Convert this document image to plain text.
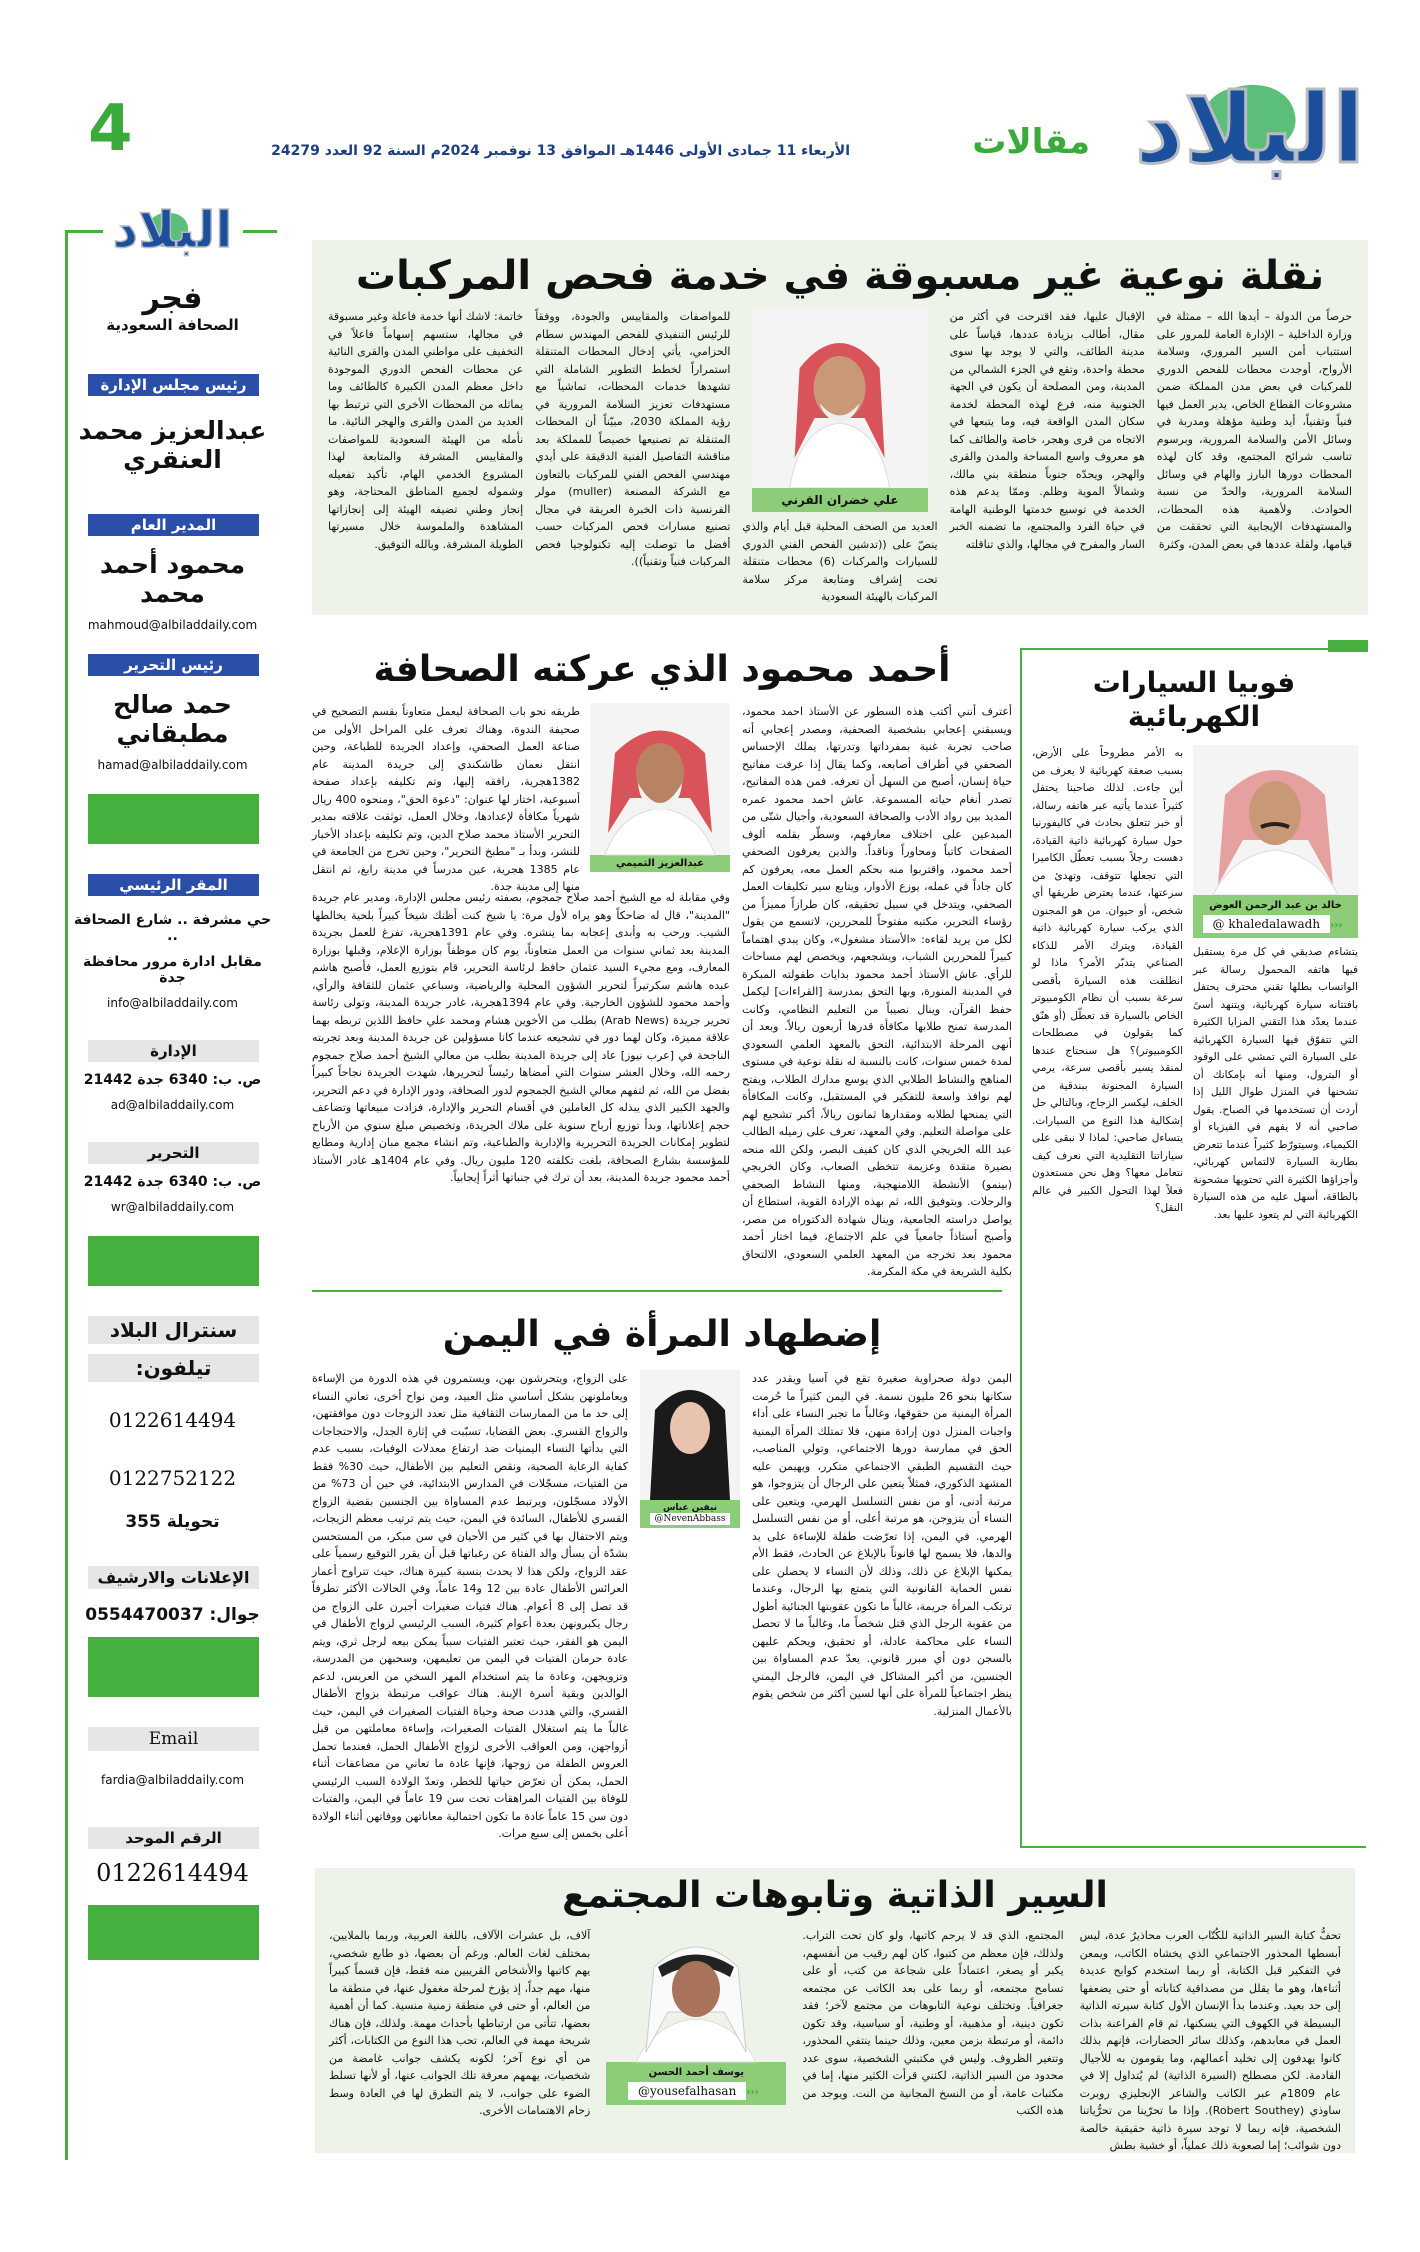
البلاد
مقالات
الأربعاء 11 جمادى الأولى 1446هـ الموافق 13 نوفمبر 2024م السنة 92 العدد 24279
4
البلاد
فجر
الصحافة السعودية
رئيس مجلس الإدارة
عبدالعزيز محمد العنقري
المدير العام
محمود أحمد محمد
mahmoud@albiladdaily.com
رئيس التحرير
حمد صالح مطبقاني
hamad@albiladdaily.com
المقر الرئيسي
حي مشرفة .. شارع الصحافة ..
مقابل ادارة مرور محافظة جدة
info@albiladdaily.com
الإدارة
ص. ب: 6340 جدة 21442
ad@albiladdaily.com
التحرير
ص. ب: 6340 جدة 21442
wr@albiladdaily.com
سنترال البلاد
تيلفون:
0122614494
0122752122
تحويلة 355
الإعلانات والارشيف
جوال: 0554470037
Email
fardia@albiladdaily.com
الرقم الموحد
0122614494
نقلة نوعية غير مسبوقة في خدمة فحص المركبات
حرصاً من الدولة – أيدها الله – ممثلة في وزارة الداخلية – الإدارة العامة للمرور على استتباب أمن السير المروري، وسلامة الأرواح، أوجدت محطات للفحص الدوري للمركبات في بعض مدن المملكة ضمن مشروعات القطاع الخاص، يدير العمل فيها فنياً وتقنياً، أيد وطنية مؤهلة ومدربة في وسائل الأمن والسلامة المرورية، وبرسوم تناسب شرائح المجتمع، وقد كان لهذه المحطات دورها البارز والهام في وسائل السلامة المرورية، والحدّ من نسبة الحوادث. ولأهمية هذه المحطات، والمستهدفات الإيجابية التي تحققت من قيامها، ولقلة عددها في بعض المدن، وكثرة
الإقبال عليها، فقد اقترحت في أكثر من مقال، أطالب بزيادة عددها، قياساً على مدينة الطائف، والتي لا يوجد بها سوى محطة واحدة، وتقع في الجزء الشمالي من المدينة، ومن المصلحة أن يكون في الجهة الجنوبية منه، فرع لهذه المحطة لخدمة سكان المدن الواقعة فيه، وما يتبعها في الاتجاه من قرى وهجر، خاصة والطائف كما هو معروف واسع المساحة والمدن والقرى والهجر، ويحدّه جنوباً منطقة بني مالك، وشمالاً الموية وظلم. وممّا يدعم هذه الخدمة في توسيع خدمتها الوطنية الهامة في حياة الفرد والمجتمع، ما تضمنه الخبر السار والمفرح في مجالها، والذي تناقلته
علي خضران القرني
العديد من الصحف المحلية قبل أيام والذي ينصّ على ((تدشين الفحص الفني الدوري للسيارات والمركبات (6) محطات متنقلة تحت إشراف ومتابعة مركز سلامة المركبات بالهيئة السعودية
للمواصفات والمقاييس والجودة، ووفقاً للرئيس التنفيذي للفحص المهندس سطام الحزامي، يأتي إدخال المحطات المتنقلة استمراراً لخطط التطوير الشاملة التي تشهدها خدمات المحطات، تماشياً مع مستهدفات تعزيز السلامة المرورية في رؤية المملكة 2030، مبيّناً أن المحطات المتنقلة تم تصنيعها خصيصاً للمملكة بعد مناقشة التفاصيل الفنية الدقيقة على أيدي مهندسي الفحص الفني للمركبات بالتعاون مع الشركة المصنعة (muller) مولر الفرنسية ذات الخبرة العريقة في مجال تصنيع مسارات فحص المركبات حسب أفضل ما توصلت إليه تكنولوجيا فحص المركبات فنياً وتقنياً)).
خاتمة: لاشك أنها خدمة فاعلة وغير مسبوقة في مجالها، ستسهم إسهاماً فاعلاً في التخفيف على مواطني المدن والقرى النائية عن محطات الفحص الدوري الموجودة داخل معظم المدن الكبيرة كالطائف وما يماثله من المحطات الأخرى التي ترتبط بها العديد من المدن والقرى والهجر النائية. ما نأمله من الهيئة السعودية للمواصفات والمقاييس المشرفة والمتابعة لهذا المشروع الخدمي الهام، تأكيد تفعيله وشموله لجميع المناطق المحتاجة، وهو إنجاز وطني تضيفه الهيئة إلى إنجازاتها المشاهدة والملموسة خلال مسيرتها الطويلة المشرفة. وبالله التوفيق.
أحمد محمود الذي عركته الصحافة
أعترف أنني أكتب هذه السطور عن الأستاذ احمد محمود، ويسبقني إعجابي بشخصية الصحفية، ومصدر إعجابي أنه صاحب تجربة غنية بمفرداتها وتدرتها، يملك الإحساس الصحفي في أطراف أصابعه، وكما يقال إذا عرفت مفاتيح حياة إنسان، أصبح من السهل أن تعرفه. فمن هذه المفاتيح، تصدر أنغام حياته المسموعة. عاش احمد محمود عمره المديد بين رواد الأدب والصحافة السعودية، وأجيال شتّى من المبدعين على اختلاف معارفهم، وسطّر بقلمه ألوف الصفحات كاتباً ومحاوراً وناقداً. والذين يعرفون الصحفي أحمد محمود، واقتربوا منه بحكم العمل معه، يعرفون كم كان جاداً في عمله، يوزع الأدوار، ويتابع سير تكليفات العمل الصحفي، ويتدخل في سبيل تحقيقه، كان طرازاً مميزاً من رؤساء التحرير، مكتبه مفتوحاً للمحررين، لاتسمع من يقول لكل من يريد لقاءه: «الأستاذ مشغول»، وكان يبدي اهتماماً كبيراً للمحررين الشباب، ويشجعهم، ويخصص لهم مساحات للرأي. عاش الأستاذ أحمد محمود بدايات طفولته المبكرة في المدينة المنورة، وبها التحق بمدرسة [القراءات] ليكمل حفظ القرآن، وينال نصيباً من التعليم النظامي، وكانت المدرسة تمنح طلابها مكافأة قدرها أربعون ريالاً. وبعد أن أنهى المرحلة الابتدائية، التحق بالمعهد العلمي السعودي لمدة خمس سنوات، كانت بالنسبة له نقلة نوعية في مستوى المناهج والنشاط الطلابي الذي يوسع مدارك الطلاب، ويفتح لهم نوافذ واسعة للتفكير في المستقبل، وكانت المكافأة التي يمنحها لطلابه ومقدارها ثمانون ريالاً، أكبر تشجيع لهم على مواصلة التعليم. وفي المعهد، تعرف على زميله الطالب عبد الله الخريجي الذي كان كفيف البصر، ولكن الله منحه بصيرة متقدة وعزيمة تتخطى الصعاب، وكان الخريجي (بينمو) الأنشطة اللامنهجية، ومنها النشاط الصحفي والرحلات. وبتوفيق الله، ثم بهذه الإرادة القوية، استطاع أن يواصل دراسته الجامعية، وينال شهادة الدكتوراه من مصر، وأصبح أستاذاً جامعياً في علم الاجتماع، فيما اختار أحمد محمود بعد تخرجه من المعهد العلمي السعودي، الالتحاق بكلية الشريعة في مكة المكرمة.
عبدالعزيز التميمي
طريقه نحو باب الصحافة ليعمل متعاوناً بقسم التصحيح في صحيفة الندوة، وهناك تعرف على المراحل الأولى من صناعة العمل الصحفي، وإعداد الجريدة للطباعة، وحين انتقل نعمان طاشكندي إلى جريدة المدينة عام 1382هجرية، رافقه إليها، وتم تكليفه بإعداد صفحة أسبوعية، اختار لها عنوان: "دعوة الحق"، ومنحوه 400 ريال شهرياً مكافأة لإعدادها، وخلال العمل، توثقت علاقته بمدير التحرير الأستاذ محمد صلاح الدين، وتم تكليفه بإعداد الأخبار للنشر، وبدأ بـ "مطبخ التحرير"، وحين تخرج من الجامعة في عام 1385 هجرية، عين مدرساً في مدينة رابغ، ثم انتقل منها إلى مدينة جدة.
وفي مقابلة له مع الشيخ أحمد صلاح جمجوم، بصفته رئيس مجلس الإدارة، ومدير عام جريدة "المدينة"، قال له ضاحكاً وهو يراه لأول مرة: يا شيخ كنت أظنك شيخاً كبيراً بلحية يخالطها الشيب. ورحب به وأبدى إعجابه بما ينشره. وفي عام 1391هجرية، تفرغ للعمل بجريدة المدينة بعد ثماني سنوات من العمل متعاوناً، يوم كان موظفاً بوزارة الإعلام، وقبلها بوزارة المعارف، ومع مجيء السيد عثمان حافظ لرئاسة التحرير، قام بتوزيع العمل، فأصبح هاشم عبده هاشم سكرتيراً لتحرير الشؤون المحلية والرياضية، وسباعي عثمان للثقافة والرأي، وأحمد محمود للشؤون الخارجية. وفي عام 1394هجرية، غادر جريدة المدينة، وتولى رئاسة تحرير جريدة (Arab News) بطلب من الأخوين هشام ومحمد علي حافظ اللذين تربطه بهما علاقة مميزة، وكان لهما دور في تشجيعه عندما كانا مسؤولين عن جريدة المدينة وبعد تجربته الناجحة في [عرب نيوز] عاد إلى جريدة المدينة بطلب من معالي الشيخ أحمد صلاح جمجوم رحمه الله، وخلال العشر سنوات التي أمضاها رئيساً لتحريرها، شهدت الجريدة نجاحاً كبيراً بفضل من الله، ثم لتفهم معالي الشيخ الجمجوم لدور الصحافة، ودور الإدارة في دعم التحرير، والجهد الكبير الذي يبذله كل العاملين في أقسام التحرير والإدارة، فزادت مبيعاتها وتضاعف حجم إعلاناتها، وبدأ توزيع أرباح سنوية على ملاك الجريدة، وتخصيص مبلغ سنوي من الأرباح لتطوير إمكانات الجريدة التحريرية والإدارية والطباعية، وتم انشاء مجمع مبان إدارية ومطابع للمؤسسة بشارع الصحافة، بلغت تكلفته 120 مليون ريال. وفي عام 1404هـ غادر الأستاذ أحمد محمود جريدة المدينة، بعد أن ترك في جنباتها أثراً إيجابياً.
فوبيا السيارات الكهربائية
خالد بن عبد الرحمن العوض
‹‹‹@ khaledalawadh
يتشاءم صديقي في كل مرة يستقبل فيها هاتفه المحمول رسالة عبر الواتساب بطلها تقني محترف يحتفل بافتتانه سيارة كهربائية، ويتنهد أسىً عندما يعدّد هذا التقني المزايا الكثيرة التي تتفوّق فيها السيارة الكهربائية على السيارة التي تمشي على الوقود أو البترول، ومنها أنه بإمكانك أن تشحنها في المنزل طوال الليل إذا أردت أن تستخدمها في الصباح. يقول صاحبي أنه لا يفهم في الفيزياء أو الكيمياء، وسيتورّط كثيراً عندما تتعرض بطارية السيارة لالتماس كهربائي، وأجزاؤها الكثيرة التي تحتويها مشحونة بالطاقة، أسهل عليه من هذه السيارة الكهربائية التي لم يتعود عليها بعد.
به الأمر مطروحاً على الأرض، بسبب صعقة كهربائية لا يعرف من أين جاءت. لذلك صاحبنا يحتفل كثيراً عندما يأتيه عبر هاتفه رسالة، أو خبر تتعلق بحادث في كاليفورنيا حول سيارة كهربائية ذاتية القيادة، دهست رجلاً بسبب تعطّل الكاميرا التي تجعلها تتوقف، وتهدئ من سرعتها، عندما يعترض طريقها أي شخص، أو حيوان. من هو المجنون الذي يركب سيارة كهربائية ذاتية القيادة، ويترك الأمر للذكاء الصناعي يتدبّر الأمر؟ ماذا لو انطلقت هذه السيارة بأقصى سرعة بسبب أن نظام الكومبيوتر الخاص بالسيارة قد تعطّل (أو هنّق كما يقولون في مصطلحات الكومبيوتر)؟ هل سنحتاج عندها لمنقذ يسير بأقصى سرعة، يرمي السيارة المجنونة ببندقية من الخلف، ليكسر الزجاج، وبالتالي حل إشكالية هذا النوع من السيارات. يتساءل صاحبي: لماذا لا نبقى على سياراتنا التقليدية التي نعرف كيف نتعامل معها؟ وهل نحن مستعدون فعلاً لهذا التحول الكبير في عالم النقل؟
إضطهاد المرأة في اليمن
اليمن دولة صحراوية صغيرة تقع في آسيا ويقدر عدد سكانها بنحو 26 مليون نسمة. في اليمن كثيراً ما حُرمت المرأة اليمنية من حقوقها، وغالباً ما تجبر النساء على أداء واجبات المنزل دون إرادة منهن، فلا تمتلك المرأة اليمنية الحق في ممارسة دورها الاجتماعي، وتولي المناصب، حيث التقسيم الطبقي الاجتماعي متكرر، ويهيمن عليه المشهد الذكوري، فمثلاً يتعين على الرجال أن يتزوجوا، هو مرتبة أدنى، أو من نفس التسلسل الهرمي، ويتعين على النساء أن يتزوجن، هو مرتبة أعلى، أو من نفس التسلسل الهرمي. في اليمن، إذا تعرّضت طفلة للإساءة على يد والدها، فلا يسمح لها قانوناً بالإبلاغ عن الحادث، فقط الأم يمكنها الإبلاغ عن ذلك، وذلك لأن النساء لا يحصلن على نفس الحماية القانونية التي يتمتع بها الرجال، وعندما ترتكب المرأة جريمة، غالباً ما تكون عقوبتها الجنائية أطول من عقوبة الرجل الذي قتل شخصاً ما، وغالباً ما لا تحصل النساء على محاكمة عادلة، أو تحقيق، ويحكم عليهن بالسجن دون أي مبرر قانوني. يعدّ عدم المساواة بين الجنسين، من أكبر المشاكل في اليمن، فالرجل اليمني ينظر اجتماعياً للمرأة على أنها لسين أكثر من شخص يقوم بالأعمال المنزلية.
نيفين عباس
@NevenAbbass
على الزواج، ويتحرشون بهن، ويستمرون في هذه الدورة من الإساءة ويعاملونهن بشكل أساسي مثل العبيد، ومن نواح أخرى، تعاني النساء إلى حد ما من الممارسات الثقافية مثل تعدد الزوجات دون موافقتهن، والزواج القسري. بعض القضايا، تسبّبت في إثارة الجدل، والاحتجاجات التي بدأتها النساء اليمنيات ضد ارتفاع معدلات الوفيات، بسبب عدم كفاية الرعاية الصحية، ونقص التعليم بين الأطفال، حيث 30% فقط من الفتيات، مسجّلات في المدارس الابتدائية، في حين أن 73% من الأولاد مسجّلون، ويرتبط عدم المساواة بين الجنسين بقضية الزواج القسري للأطفال، السائدة في اليمن، حيث يتم ترتيب معظم الزيجات، ويتم الاحتفال بها في كثير من الأحيان في سن مبكر، من المستحسن بشدّة أن يسأل والد الفتاة عن رغباتها قبل أن يقرر التوقيع رسمياً على عقد الزواج، ولكن هذا لا يحدث بنسبة كبيرة هناك، حيث تتراوح أعمار العرائس الأطفال عادة بين 12 و14 عاماً، وفي الحالات الأكثر تطرفاً قد تصل إلى 8 أعوام. هناك فتيات صغيرات أجبرن على الزواج من رجال يكبرونهن بعدة أعوام كثيرة، السبب الرئيسي لزواج الأطفال في اليمن هو الفقر، حيث تعتبر الفتيات سبباً يمكن بيعه لرجل ثري، ويتم عادة حرمان الفتيات في اليمن من تعليمهن، وسحبهن من المدرسة، وتزويجهن، وعادة ما يتم استخدام المهر السخي من العريس، لدعم الوالدين وبقية أسرة الإبنة. هناك عواقب مرتبطة بزواج الأطفال القسري، والتي هددت صحة وحياة الفتيات الصغيرات في اليمن، حيث غالباً ما يتم استغلال الفتيات الصغيرات، وإساءة معاملتهن من قبل أزواجهن، ومن العواقب الأخرى لزواج الأطفال الحمل، فعندما تحمل العروس الطفلة من زوجها، فإنها عادة ما تعاني من مضاعفات أثناء الحمل، يمكن أن تعرّض حياتها للخطر، وتعدّ الولادة السبب الرئيسي للوفاة بين الفتيات المراهقات تحت سن 19 عاماً في اليمن، والفتيات دون سن 15 عاماً عادة ما تكون احتمالية معاناتهن ووفاتهن أثناء الولادة أعلى بخمس إلى سبع مرات.
السِير الذاتية وتابوهات المجتمع
تحفُّ كتابة السير الذاتية للكُتّاب العرب محاذيرُ عدة، ليس أبسطها المحذور الاجتماعي الذي يخشاه الكاتب، ويمعن في التفكير قبل الكتابة، أو ربما استخدم كوابح عديدة أثناءها، وهو ما يقلل من مصداقية كتاباته أو حتى يضعفها إلى حد بعيد. وعندما بدأ الإنسان الأول كتابة سيرته الذاتية البسيطة في الكهوف التي يسكنها، ثم قام الفراعنة بذات العمل في معابدهم، وكذلك سائر الحضارات، فإنهم بذلك كانوا يهدفون إلى تخليد أعمالهم، وما يقومون به للأجيال القادمة. لكن مصطلح (السيرة الذاتية) لم يُتداول إلا في عام 1809م عبر الكاتب والشاعر الإنجليزي روبرت ساوذي (Robert Southey). وإذا ما تحرّينا من تحرُّياتنا الشخصية، فإنه ربما لا توجد سيرة ذاتية حقيقية خالصة دون شوائب؛ إما لصعوبة ذلك عملياً، أو خشية بطش
المجتمع، الذي قد لا يرحم كاتبها، ولو كان تحت التراب. ولذلك، فإن معظم من كتبوا، كان لهم رقيب من أنفسهم، يكبر أو يصغر، اعتماداً على شجاعة من كتب، أو على تسامح مجتمعه، أو ربما على بعد الكاتب عن مجتمعه جغرافياً. وتختلف نوعية التابوهات من مجتمع لآخر؛ فقد تكون دينية، أو مذهبية، أو وطنية، أو سياسية، وقد تكون دائمة، أو مرتبطة بزمن معين، وذلك حينما ينتفي المحذور، وتتغير الظروف. وليس في مكتبتي الشخصية، سوى عدد محدود من السير الذاتية، لكنني قرأت الكثير منها، إما في مكتبات عامة، أو من النسخ المجانية من النت. ويوجد من هذه الكتب
يوسف أحمد الحسن
‹‹‹@yousefalhasan
آلاف، بل عشرات الآلاف، باللغة العربية، وربما بالملايين، بمختلف لغات العالم. ورغم أن بعضها، ذو طابع شخصي، يهم كاتبها والأشخاص القريبين منه فقط، فإن قسماً كبيراً منها، مهم جداً، إذ يؤرخ لمرحلة مغفول عنها، في منطقة ما من العالم، أو حتى في منطقة زمنية منسية. كما أن أهمية بعضها، تتأتى من ارتباطها بأحداث مهمة. ولذلك، فإن هناك شريحة مهمة في العالم، تحب هذا النوع من الكتابات، أكثر من أي نوع آخر؛ لكونه يكشف جوانب غامضة من شخصيات، يهمهم معرفة تلك الجوانب عنها، أو لأنها تسلط الضوء على جوانب، لا يتم التطرق لها في العادة وسط زحام الاهتمامات الأخرى.
